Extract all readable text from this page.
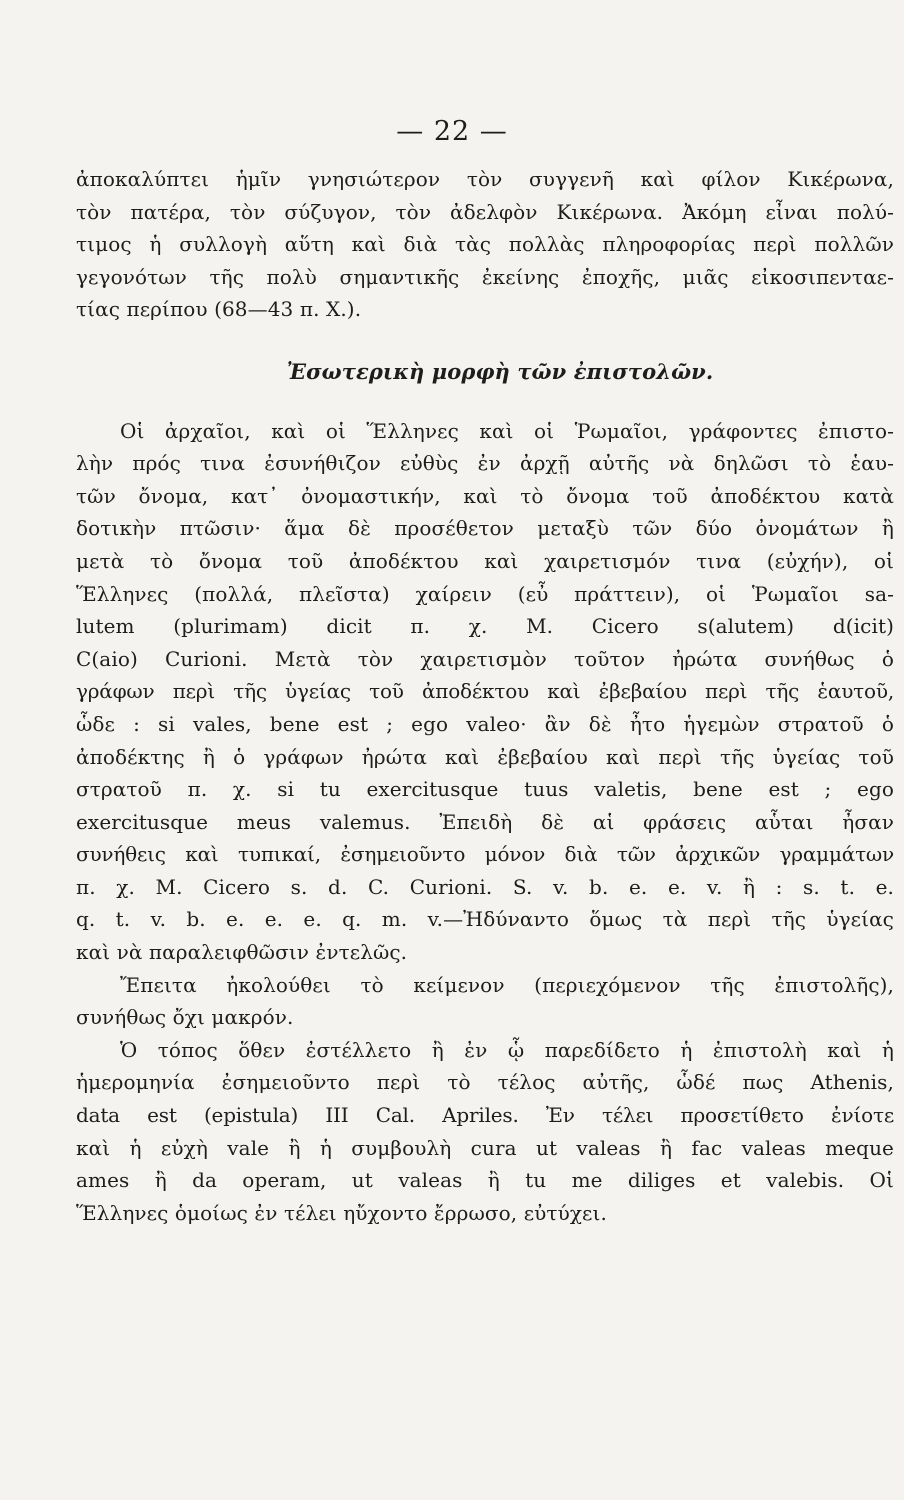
— 22 —
ἀποκαλύπτει ἡμῖν γνησιώτερον τὸν συγγενῆ καὶ φίλον Κικέρωνα,
τὸν πατέρα, τὸν σύζυγον, τὸν ἀδελφὸν Κικέρωνα. Ἀκόμη εἶναι πολύ-
τιμος ἡ συλλογὴ αὕτη καὶ διὰ τὰς πολλὰς πληροφορίας περὶ πολλῶν
γεγονότων τῆς πολὺ σημαντικῆς ἐκείνης ἐποχῆς, μιᾶς εἰκοσιπενταε-
τίας περίπου (68—43 π. Χ.).
Ἐσωτερικὴ μορφὴ τῶν ἐπιστολῶν.
Οἱ ἀρχαῖοι, καὶ οἱ Ἕλληνες καὶ οἱ Ῥωμαῖοι, γράφοντες ἐπιστο-
λὴν πρός τινα ἐσυνήθιζον εὐθὺς ἐν ἀρχῇ αὐτῆς νὰ δηλῶσι τὸ ἑαυ-
τῶν ὄνομα, κατ᾽ ὀνομαστικήν, καὶ τὸ ὄνομα τοῦ ἀποδέκτου κατὰ
δοτικὴν πτῶσιν· ἅμα δὲ προσέθετον μεταξὺ τῶν δύο ὀνομάτων ἢ
μετὰ τὸ ὄνομα τοῦ ἀποδέκτου καὶ χαιρετισμόν τινα (εὐχήν), οἱ
Ἕλληνες (πολλά, πλεῖστα) χαίρειν (εὖ πράττειν), οἱ Ῥωμαῖοι sa-
lutem (plurimam) dicit π. χ. M. Cicero s(alutem) d(icit)
C(aio) Curioni. Μετὰ τὸν χαιρετισμὸν τοῦτον ἠρώτα συνήθως ὁ
γράφων περὶ τῆς ὑγείας τοῦ ἀποδέκτου καὶ ἐβεβαίου περὶ τῆς ἑαυτοῦ,
ὧδε : si vales, bene est ; ego valeo· ἂν δὲ ἦτο ἡγεμὼν στρατοῦ ὁ
ἀποδέκτης ἢ ὁ γράφων ἠρώτα καὶ ἐβεβαίου καὶ περὶ τῆς ὑγείας τοῦ
στρατοῦ π. χ. si tu exercitusque tuus valetis, bene est ; ego
exercitusque meus valemus. Ἐπειδὴ δὲ αἱ φράσεις αὗται ἦσαν
συνήθεις καὶ τυπικαί, ἐσημειοῦντο μόνον διὰ τῶν ἀρχικῶν γραμμάτων
π. χ. M. Cicero s. d. C. Curioni. S. v. b. e. e. v. ἢ : s. t. e.
q. t. v. b. e. e. e. q. m. v.—Ἠδύναντο ὅμως τὰ περὶ τῆς ὑγείας
καὶ νὰ παραλειφθῶσιν ἐντελῶς.
Ἔπειτα ἠκολούθει τὸ κείμενον (περιεχόμενον τῆς ἐπιστολῆς),
συνήθως ὄχι μακρόν.
Ὁ τόπος ὅθεν ἐστέλλετο ἢ ἐν ᾧ παρεδίδετο ἡ ἐπιστολὴ καὶ ἡ
ἡμερομηνία ἐσημειοῦντο περὶ τὸ τέλος αὐτῆς, ὧδέ πως Athenis,
data est (epistula) III Cal. Apriles. Ἐν τέλει προσετίθετο ἐνίοτε
καὶ ἡ εὐχὴ vale ἢ ἡ συμβουλὴ cura ut valeas ἢ fac valeas meque
ames ἢ da operam, ut valeas ἢ tu me diliges et valebis. Οἱ
Ἕλληνες ὁμοίως ἐν τέλει ηὔχοντο ἔρρωσο, εὐτύχει.
